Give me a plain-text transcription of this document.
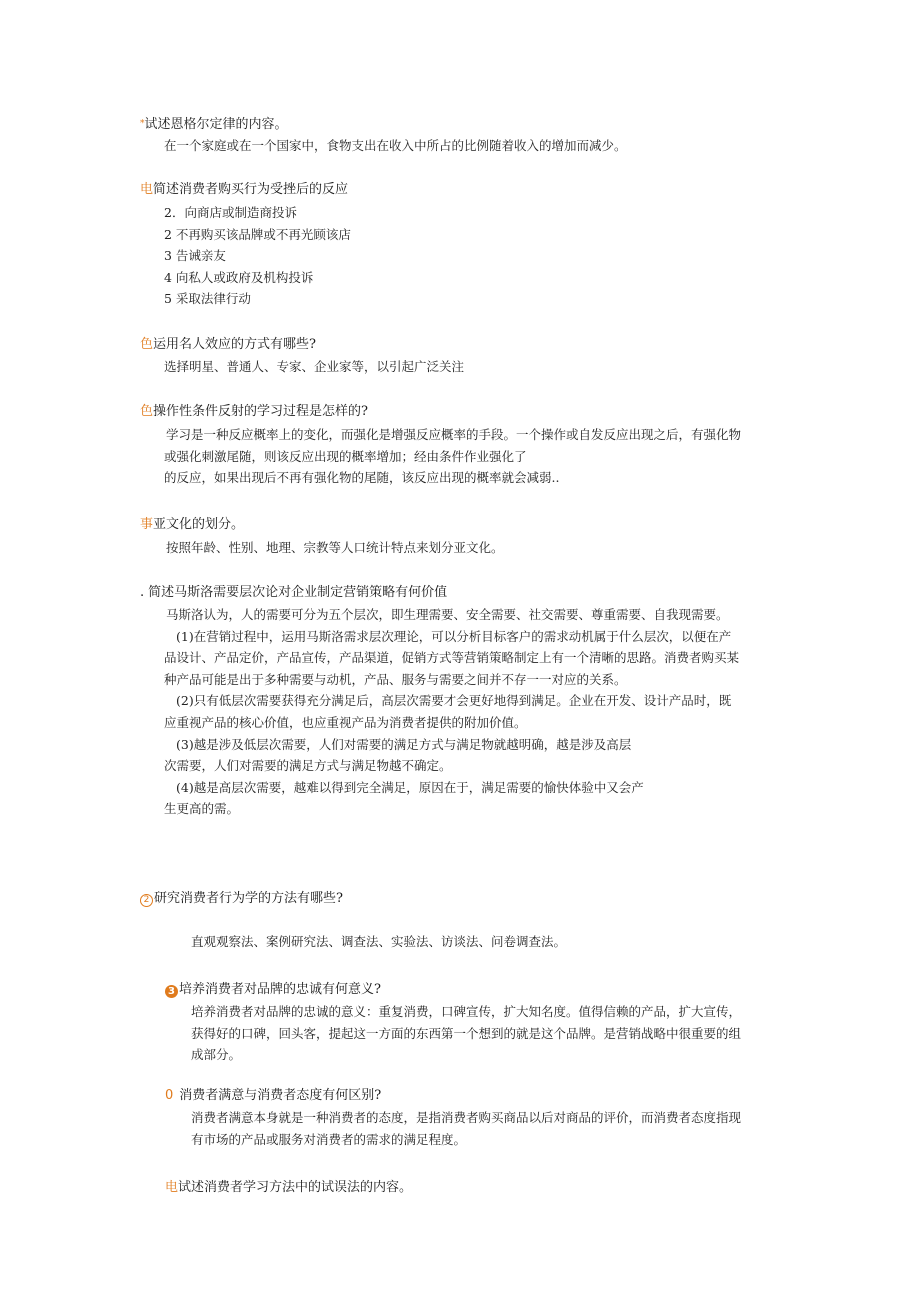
*试述恩格尔定律的内容。
在一个家庭或在一个国家中，食物支出在收入中所占的比例随着收入的增加而减少。
电简述消费者购买行为受挫后的反应
2．向商店或制造商投诉
2 不再购买该品牌或不再光顾该店
3 告诫亲友
4 向私人或政府及机构投诉
5 采取法律行动
色运用名人效应的方式有哪些?
选择明星、普通人、专家、企业家等，以引起广泛关注
色操作性条件反射的学习过程是怎样的?
学习是一种反应概率上的变化，而强化是增强反应概率的手段。一个操作或自发反应出现之后，有强化物
或强化刺激尾随，则该反应出现的概率增加；经由条件作业强化了
的反应，如果出现后不再有强化物的尾随，该反应出现的概率就会减弱..
事亚文化的划分。
按照年龄、性别、地理、宗教等人口统计特点来划分亚文化。
. 简述马斯洛需要层次论对企业制定营销策略有何价值
马斯洛认为，人的需要可分为五个层次，即生理需要、安全需要、社交需要、尊重需要、自我现需要。
(1)在营销过程中，运用马斯洛需求层次理论，可以分析目标客户的需求动机属于什么层次，以便在产
品设计、产品定价，产品宣传，产品渠道，促销方式等营销策略制定上有一个清晰的思路。消费者购买某
种产品可能是出于多种需要与动机，产品、服务与需要之间并不存一一对应的关系。
(2)只有低层次需要获得充分满足后，高层次需要才会更好地得到满足。企业在开发、设计产品时，既
应重视产品的核心价值，也应重视产品为消费者提供的附加价值。
(3)越是涉及低层次需要，人们对需要的满足方式与满足物就越明确，越是涉及高层
次需要，人们对需要的满足方式与满足物越不确定。
(4)越是高层次需要，越难以得到完全满足，原因在于，满足需要的愉快体验中又会产
生更高的需。
2 研究消费者行为学的方法有哪些?
直观观察法、案例研究法、调查法、实验法、访谈法、问卷调查法。
3 培养消费者对品牌的忠诚有何意义?
培养消费者对品牌的忠诚的意义：重复消费，口碑宣传，扩大知名度。值得信赖的产品，扩大宣传，
获得好的口碑，回头客，提起这一方面的东西第一个想到的就是这个品牌。是营销战略中很重要的组
成部分。
0 消费者满意与消费者态度有何区别?
消费者满意本身就是一种消费者的态度，是指消费者购买商品以后对商品的评价，而消费者态度指现
有市场的产品或服务对消费者的需求的满足程度。
电试述消费者学习方法中的试误法的内容。
